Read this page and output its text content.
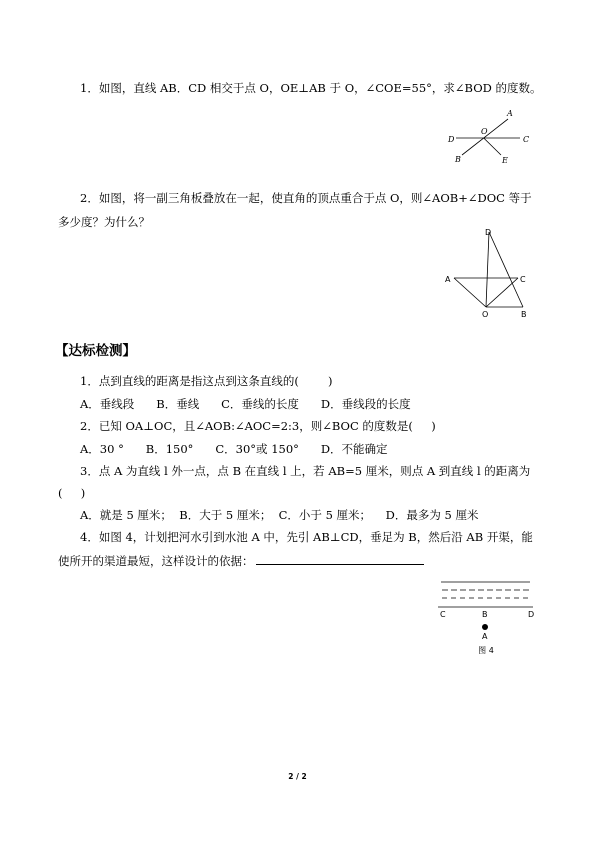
1．如图，直线 AB．CD 相交于点 O，OE⊥AB 于 O，∠COE=55°，求∠BOD 的度数。
A
O
D	C
B	E
2．如图，将一副三角板叠放在一起，使直角的顶点重合于点 O，则∠AOB+∠DOC 等于
多少度？为什么？
D
A	C
O	B
【达标检测】
1．点到直线的距离是指这点到这条直线的(        )
A．垂线段      B．垂线      C．垂线的长度      D．垂线段的长度
2．已知 OA⊥OC，且∠AOB:∠AOC=2:3，则∠BOC 的度数是(     )
A．30 °      B．150°      C．30°或 150°      D．不能确定
3．点 A 为直线 l 外一点，点 B 在直线 l 上，若 AB=5 厘米，则点 A 到直线 l 的距离为
(     )
A．就是 5 厘米；  B．大于 5 厘米；  C．小于 5 厘米；    D．最多为 5 厘米
4．如图 4，计划把河水引到水池 A 中，先引 AB⊥CD，垂足为 B，然后沿 AB 开渠，能
使所开的渠道最短，这样设计的依据：
C	B	D
A
图 4
2 / 2
